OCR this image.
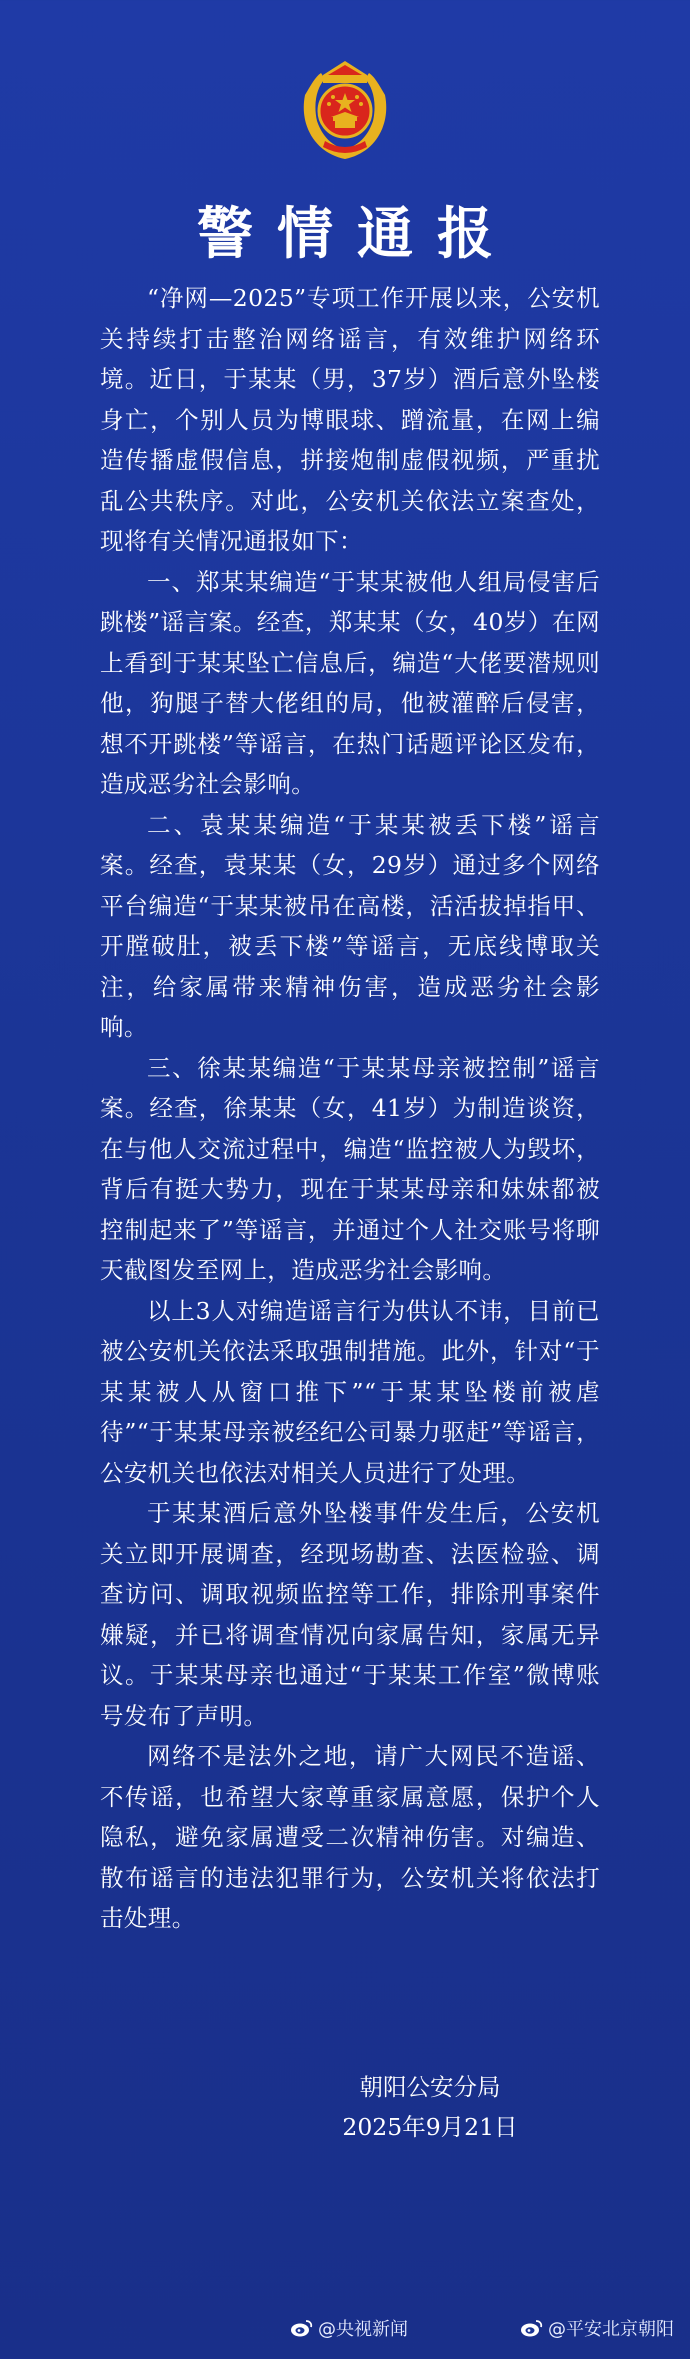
警情通报

“净网—2025”专项工作开展以来，公安机关持续打击整治网络谣言，有效维护网络环境。近日，于某某（男，37岁）酒后意外坠楼身亡，个别人员为博眼球、蹭流量，在网上编造传播虚假信息，拼接炮制虚假视频，严重扰乱公共秩序。对此，公安机关依法立案查处，现将有关情况通报如下：

一、郑某某编造“于某某被他人组局侵害后跳楼”谣言案。经查，郑某某（女，40岁）在网上看到于某某坠亡信息后，编造“大佬要潜规则他，狗腿子替大佬组的局，他被灌醉后侵害，想不开跳楼”等谣言，在热门话题评论区发布，造成恶劣社会影响。

二、袁某某编造“于某某被丢下楼”谣言案。经查，袁某某（女，29岁）通过多个网络平台编造“于某某被吊在高楼，活活拔掉指甲、开膛破肚，被丢下楼”等谣言，无底线博取关注，给家属带来精神伤害，造成恶劣社会影响。

三、徐某某编造“于某某母亲被控制”谣言案。经查，徐某某（女，41岁）为制造谈资，在与他人交流过程中，编造“监控被人为毁坏，背后有挺大势力，现在于某某母亲和妹妹都被控制起来了”等谣言，并通过个人社交账号将聊天截图发至网上，造成恶劣社会影响。

以上3人对编造谣言行为供认不讳，目前已被公安机关依法采取强制措施。此外，针对“于某某被人从窗口推下”“于某某坠楼前被虐待”“于某某母亲被经纪公司暴力驱赶”等谣言，公安机关也依法对相关人员进行了处理。

于某某酒后意外坠楼事件发生后，公安机关立即开展调查，经现场勘查、法医检验、调查访问、调取视频监控等工作，排除刑事案件嫌疑，并已将调查情况向家属告知，家属无异议。于某某母亲也通过“于某某工作室”微博账号发布了声明。

网络不是法外之地，请广大网民不造谣、不传谣，也希望大家尊重家属意愿，保护个人隐私，避免家属遭受二次精神伤害。对编造、散布谣言的违法犯罪行为，公安机关将依法打击处理。

朝阳公安分局
2025年9月21日
@央视新闻	@平安北京朝阳
